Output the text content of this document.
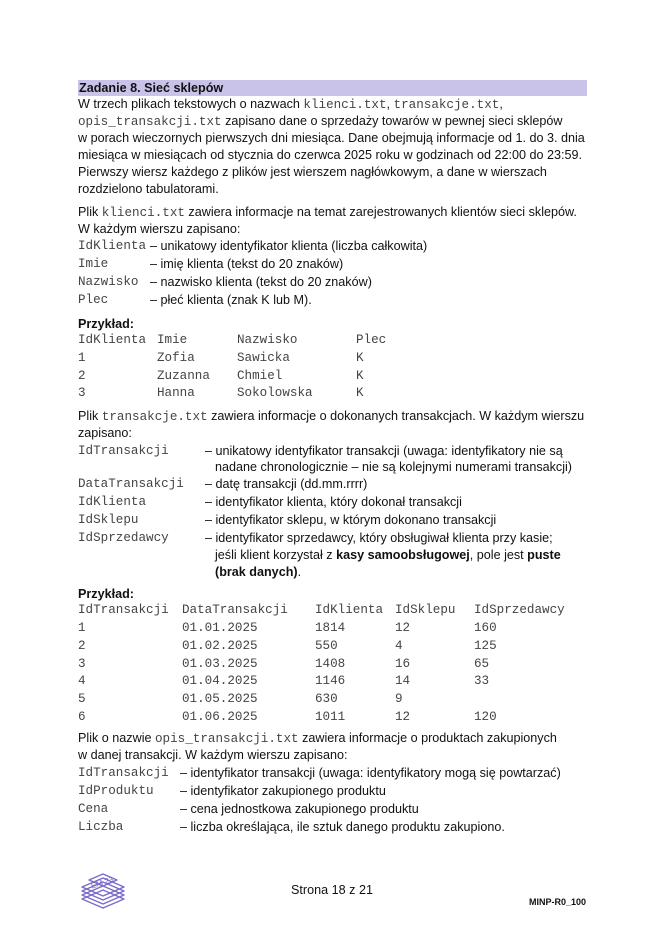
Zadanie 8. Sieć sklepów
W trzech plikach tekstowych o nazwach klienci.txt, transakcje.txt,
opis_transakcji.txt zapisano dane o sprzedaży towarów w pewnej sieci sklepów
w porach wieczornych pierwszych dni miesiąca. Dane obejmują informacje od 1. do 3. dnia
miesiąca w miesiącach od stycznia do czerwca 2025 roku w godzinach od 22:00 do 23:59.
Pierwszy wiersz każdego z plików jest wierszem nagłówkowym, a dane w wierszach
rozdzielono tabulatorami.
Plik klienci.txt zawiera informacje na temat zarejestrowanych klientów sieci sklepów.
W każdym wierszu zapisano:
IdKlienta – unikatowy identyfikator klienta (liczba całkowita)
Imie	– imię klienta (tekst do 20 znaków)
Nazwisko – nazwisko klienta (tekst do 20 znaków)
Plec	– płeć klienta (znak K lub M).
Przykład:
IdKlienta Imie	Nazwisko	Plec
1	Zofia	Sawicka	K
2	Zuzanna Chmiel	K
3	Hanna	Sokolowska	K
Plik transakcje.txt zawiera informacje o dokonanych transakcjach. W każdym wierszu
zapisano:
IdTransakcji	– unikatowy identyfikator transakcji (uwaga: identyfikatory nie są
nadane chronologicznie – nie są kolejnymi numerami transakcji)
DataTransakcji – datę transakcji (dd.mm.rrrr)
IdKlienta	– identyfikator klienta, który dokonał transakcji
IdSklepu	– identyfikator sklepu, w którym dokonano transakcji
IdSprzedawcy	– identyfikator sprzedawcy, który obsługiwał klienta przy kasie;
jeśli klient korzystał z kasy samoobsługowej, pole jest puste
(brak danych).
Przykład:
IdTransakcji DataTransakcji IdKlienta IdSklepu IdSprzedawcy
1	01.01.2025	1814	12	160
2	01.02.2025	550	4	125
3	01.03.2025	1408	16	65
4	01.04.2025	1146	14	33
5	01.05.2025	630	9
6	01.06.2025	1011	12	120
Plik o nazwie opis_transakcji.txt zawiera informacje o produktach zakupionych
w danej transakcji. W każdym wierszu zapisano:
IdTransakcji – identyfikator transakcji (uwaga: identyfikatory mogą się powtarzać)
IdProduktu – identyfikator zakupionego produktu
Cena	– cena jednostkowa zakupionego produktu
Liczba	– liczba określająca, ile sztuk danego produktu zakupiono.
EM 23	Strona 18 z 21
MINP-R0_100
